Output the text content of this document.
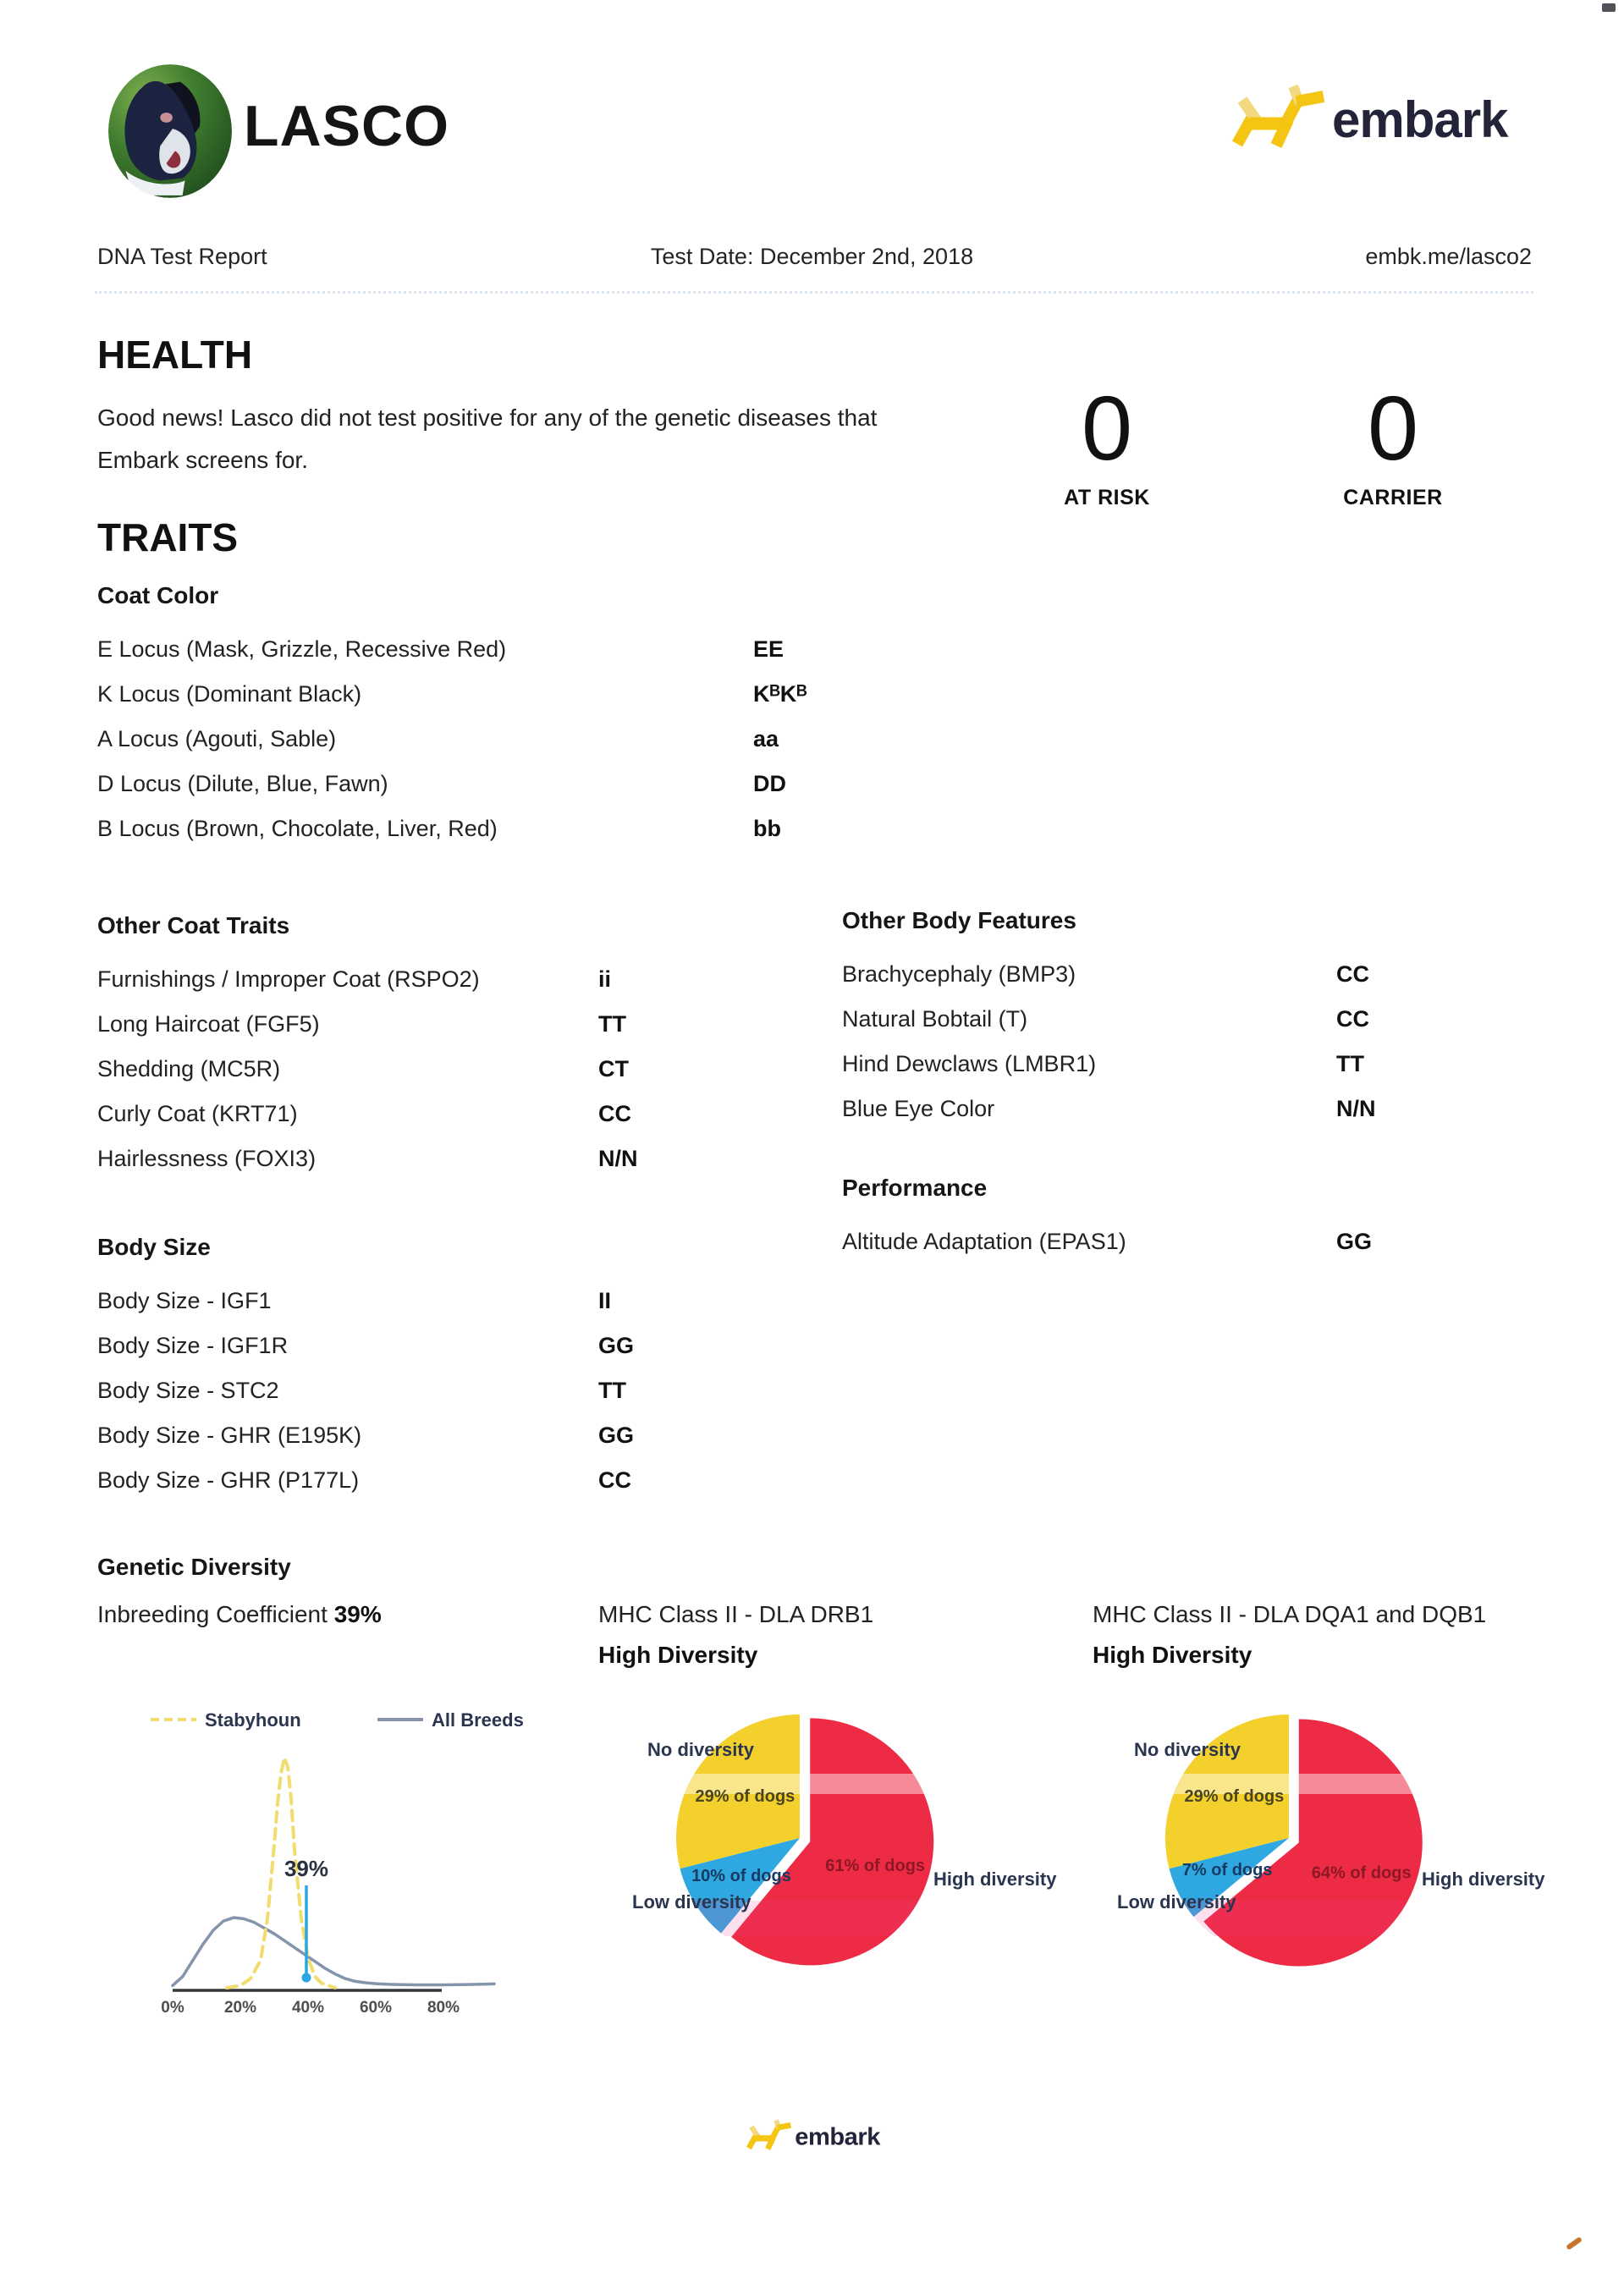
LASCO	embark
DNA Test Report	Test Date: December 2nd, 2018	embk.me/lasco2
HEALTH
Good news! Lasco did not test positive for any of the genetic diseases that
Embark screens for.	0
AT RISK
0
CARRIER
TRAITS
Coat Color
E Locus (Mask, Grizzle, Recessive Red)	EE
K Locus (Dominant Black)	KᴮKᴮ
A Locus (Agouti, Sable)	aa
D Locus (Dilute, Blue, Fawn)	DD
B Locus (Brown, Chocolate, Liver, Red)	bb
Other Coat Traits
Furnishings / Improper Coat (RSPO2)	ii
Long Haircoat (FGF5)	TT
Shedding (MC5R)	CT
Curly Coat (KRT71)	CC
Hairlessness (FOXI3)	N/N
Other Body Features
Brachycephaly (BMP3)	CC
Natural Bobtail (T)	CC
Hind Dewclaws (LMBR1)	TT
Blue Eye Color	N/N
Performance
Altitude Adaptation (EPAS1)	GG
Body Size
Body Size - IGF1	II
Body Size - IGF1R	GG
Body Size - STC2	TT
Body Size - GHR (E195K)	GG
Body Size - GHR (P177L)	CC
Genetic Diversity
Inbreeding Coefficient 39%	MHC Class II - DLA DRB1
High Diversity
MHC Class II - DLA DQA1 and DQB1
High Diversity
Stabyhoun	All Breeds
0% 20% 40% 60% 80%
39%
29% of dogs
No diversity
10% of dogs
Low diversity
61% of dogs
High diversity
29% of dogs
No diversity
7% of dogs
Low diversity
64% of dogs High diversity
embark
